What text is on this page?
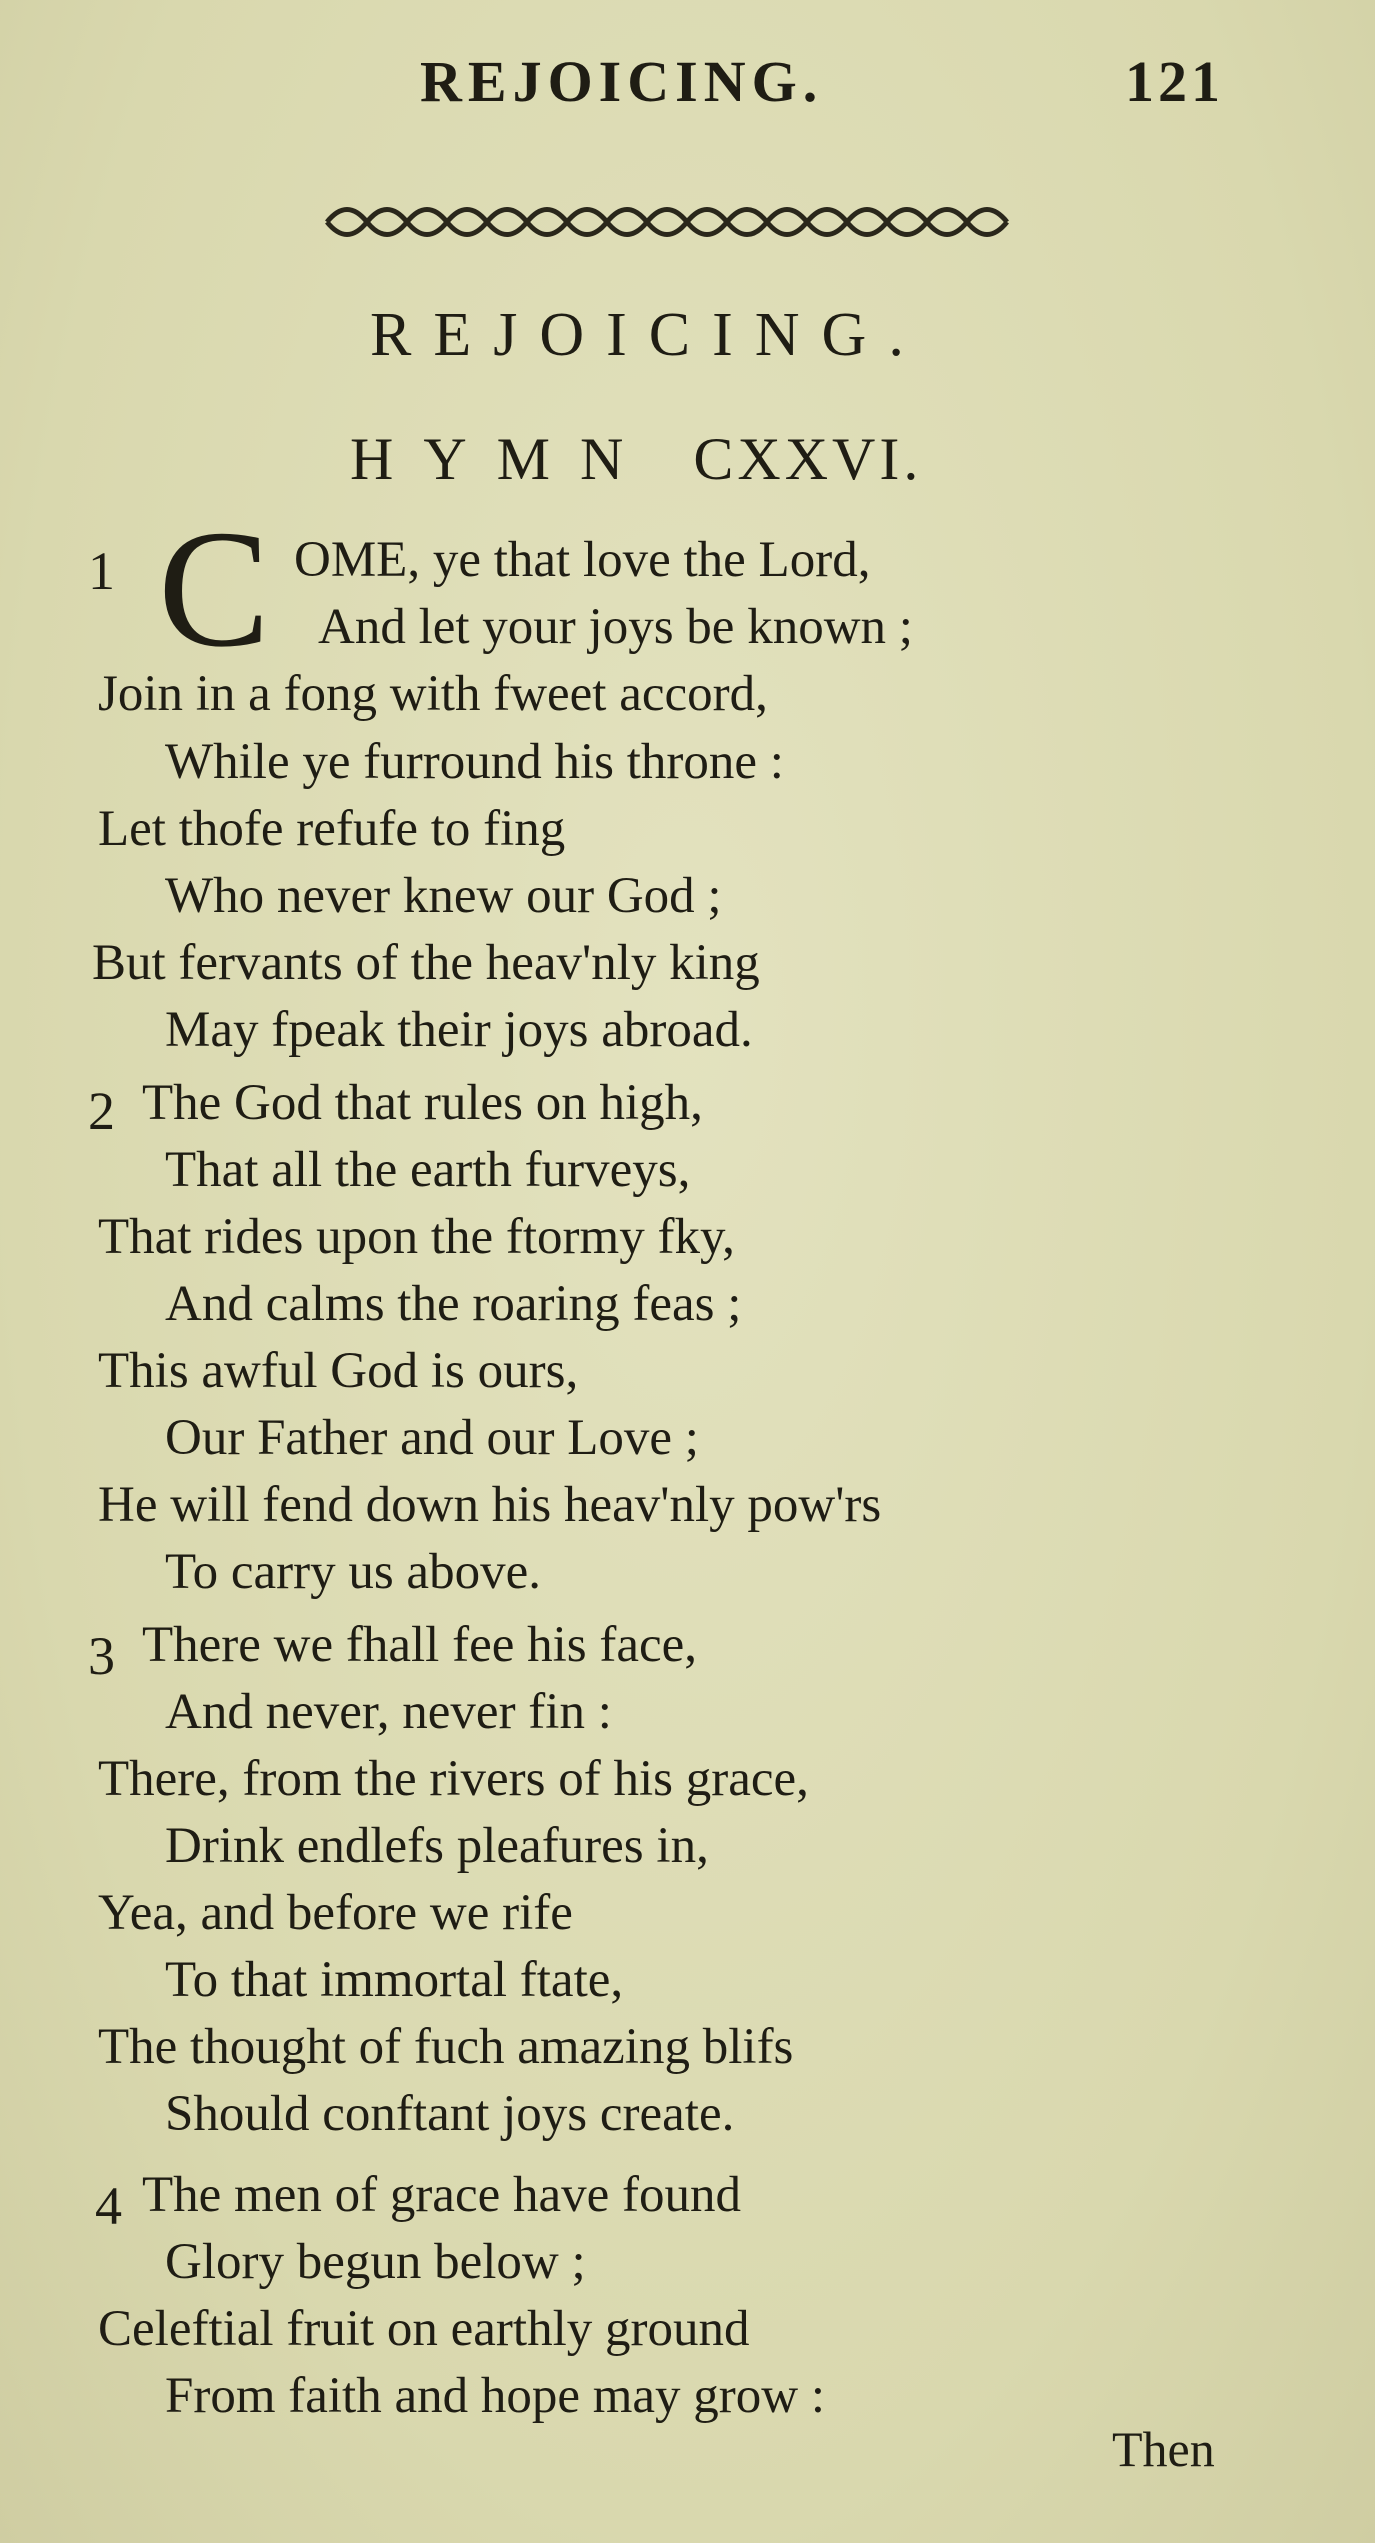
REJOICING.	121
REJOICING.
HYMN CXXVI.
1 C OME, ye that love the Lord,
And let your joys be known ;
Join in a fong with fweet accord,
While ye furround his throne :
Let thofe refufe to fing
Who never knew our God ;
But fervants of the heav'nly king
May fpeak their joys abroad.
2 The God that rules on high,
That all the earth furveys,
That rides upon the ftormy fky,
And calms the roaring feas ;
This awful God is ours,
Our Father and our Love ;
He will fend down his heav'nly pow'rs
To carry us above.
3 There we fhall fee his face,
And never, never fin :
There, from the rivers of his grace,
Drink endlefs pleafures in,
Yea, and before we rife
To that immortal ftate,
The thought of fuch amazing blifs
Should conftant joys create.
4 The men of grace have found
Glory begun below ;
Celeftial fruit on earthly ground
From faith and hope may grow :
Then
